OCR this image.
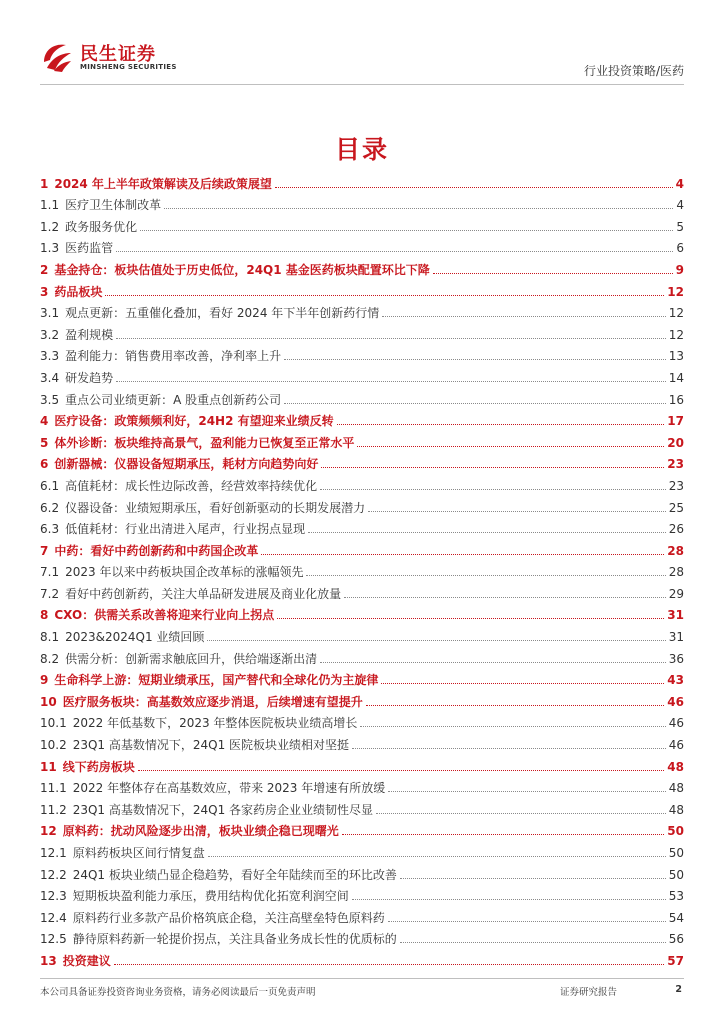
民生证券
MINSHENG SECURITIES	行业投资策略/医药
目录
1 2024 年上半年政策解读及后续政策展望	4
1.1 医疗卫生体制改革	4
1.2 政务服务优化	5
1.3 医药监管	6
2 基金持仓：板块估值处于历史低位，24Q1 基金医药板块配置环比下降	9
3 药品板块	12
3.1 观点更新：五重催化叠加，看好 2024 年下半年创新药行情	12
3.2 盈利规模	12
3.3 盈利能力：销售费用率改善，净利率上升	13
3.4 研发趋势	14
3.5 重点公司业绩更新：A 股重点创新药公司	16
4 医疗设备：政策频频利好，24H2 有望迎来业绩反转	17
5 体外诊断：板块维持高景气，盈利能力已恢复至正常水平	20
6 创新器械：仪器设备短期承压，耗材方向趋势向好	23
6.1 高值耗材：成长性边际改善，经营效率持续优化	23
6.2 仪器设备：业绩短期承压，看好创新驱动的长期发展潜力	25
6.3 低值耗材：行业出清进入尾声，行业拐点显现	26
7 中药：看好中药创新药和中药国企改革	28
7.1 2023 年以来中药板块国企改革标的涨幅领先	28
7.2 看好中药创新药，关注大单品研发进展及商业化放量	29
8 CXO：供需关系改善将迎来行业向上拐点	31
8.1 2023&2024Q1 业绩回顾	31
8.2 供需分析：创新需求触底回升，供给端逐渐出清	36
9 生命科学上游：短期业绩承压，国产替代和全球化仍为主旋律	43
10 医疗服务板块：高基数效应逐步消退，后续增速有望提升	46
10.1 2022 年低基数下，2023 年整体医院板块业绩高增长	46
10.2 23Q1 高基数情况下，24Q1 医院板块业绩相对坚挺	46
11 线下药房板块	48
11.1 2022 年整体存在高基数效应，带来 2023 年增速有所放缓	48
11.2 23Q1 高基数情况下，24Q1 各家药房企业业绩韧性尽显	48
12 原料药：扰动风险逐步出清，板块业绩企稳已现曙光	50
12.1 原料药板块区间行情复盘	50
12.2 24Q1 板块业绩凸显企稳趋势，看好全年陆续而至的环比改善	50
12.3 短期板块盈利能力承压，费用结构优化拓宽利润空间	53
12.4 原料药行业多款产品价格筑底企稳，关注高壁垒特色原料药	54
12.5 静待原料药新一轮提价拐点，关注具备业务成长性的优质标的	56
13 投资建议	57
本公司具备证券投资咨询业务资格，请务必阅读最后一页免责声明	证券研究报告	2
